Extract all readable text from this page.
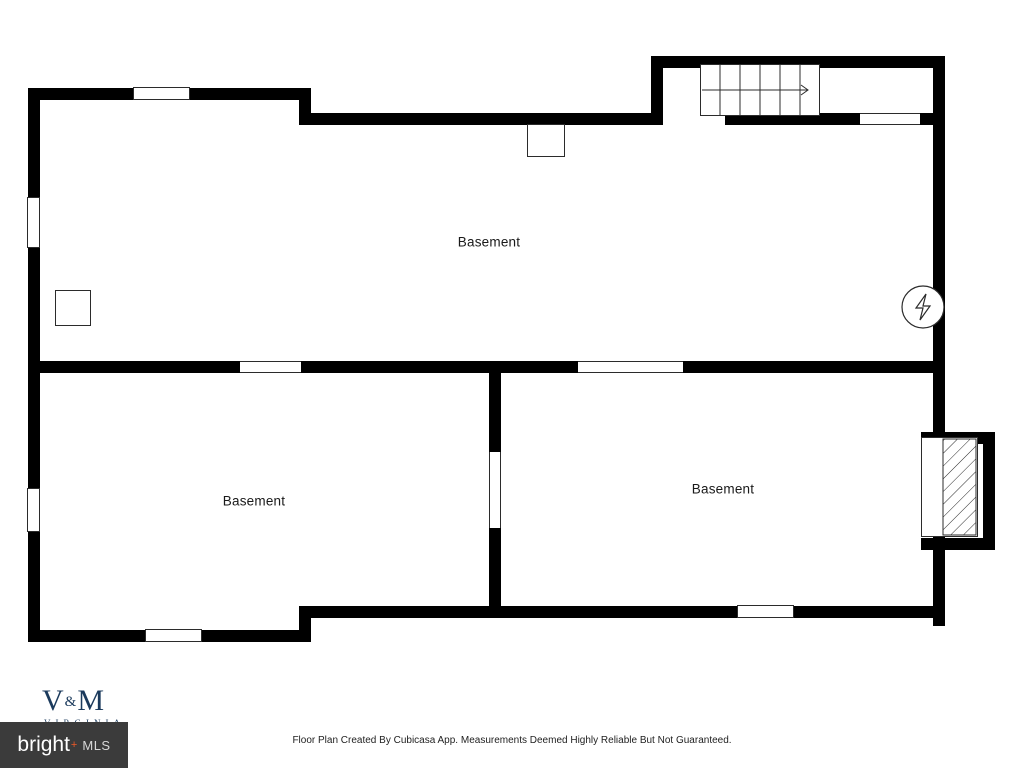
Basement
Basement
Basement
Floor Plan Created By Cubicasa App. Measurements Deemed Highly Reliable But Not Guaranteed.
V&M
bright + MLS
